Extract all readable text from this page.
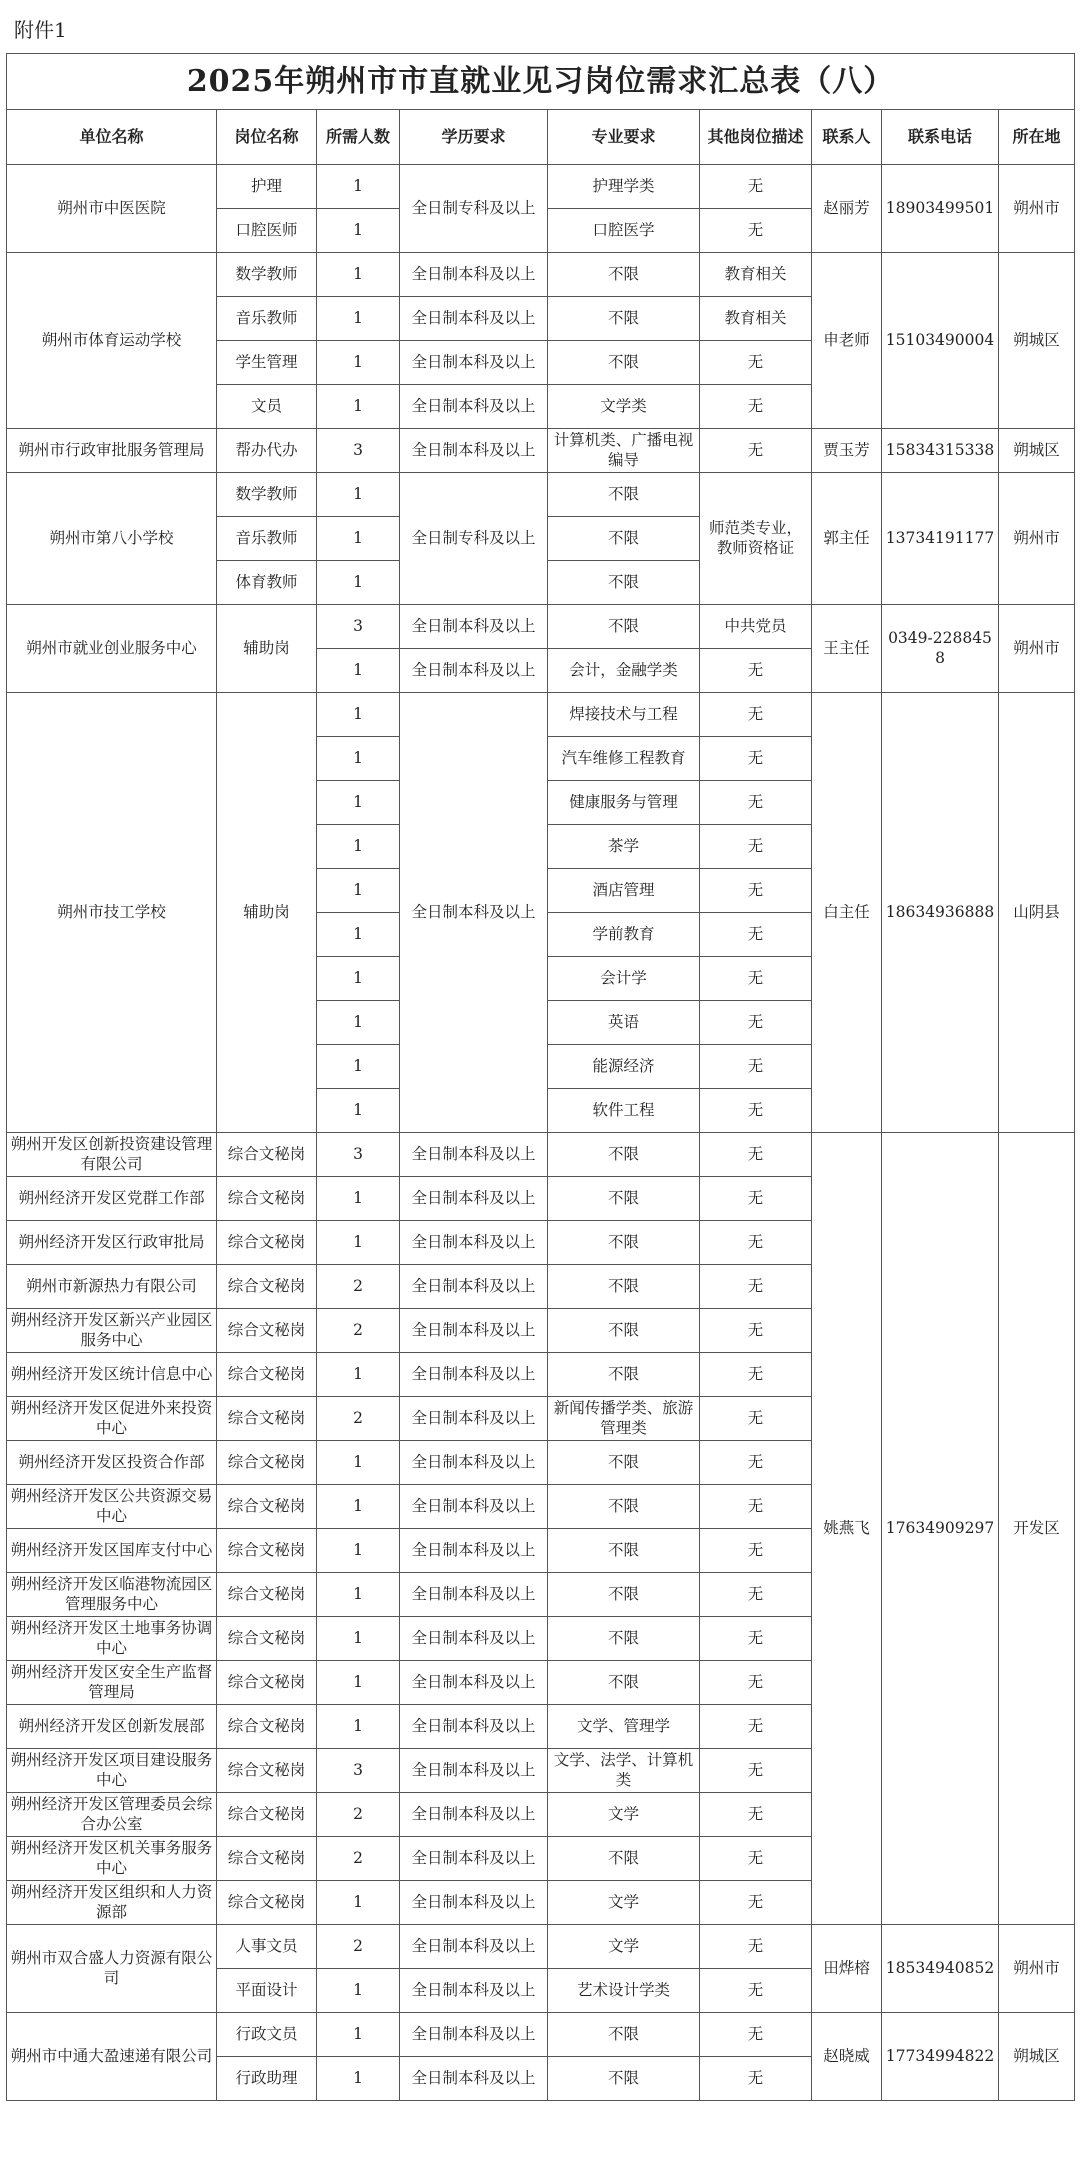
附件1
2025年朔州市市直就业见习岗位需求汇总表（八）								
单位名称	岗位名称	所需人数	学历要求	专业要求	其他岗位描述	联系人	联系电话	所在地
朔州市中医医院	护理	1	全日制专科及以上	护理学类	无	赵丽芳	18903499501	朔州市
	口腔医师	1		口腔医学	无			
朔州市体育运动学校	数学教师	1	全日制本科及以上	不限	教育相关	申老师	15103490004	朔城区
	音乐教师	1	全日制本科及以上	不限	教育相关			
	学生管理	1	全日制本科及以上	不限	无			
	文员	1	全日制本科及以上	文学类	无			
朔州市行政审批服务管理局	帮办代办	3	全日制本科及以上	计算机类、广播电视编导	无	贾玉芳	15834315338	朔城区
朔州市第八小学校	数学教师	1	全日制专科及以上	不限	师范类专业，教师资格证	郭主任	13734191177	朔州市
	音乐教师	1		不限				
	体育教师	1		不限				
朔州市就业创业服务中心	辅助岗	3	全日制本科及以上	不限	中共党员	王主任	0349-2288458	朔州市
		1	全日制本科及以上	会计，金融学类	无			
朔州市技工学校	辅助岗	1	全日制本科及以上	焊接技术与工程	无	白主任	18634936888	山阴县
		1		汽车维修工程教育	无			
		1		健康服务与管理	无			
		1		茶学	无			
		1		酒店管理	无			
		1		学前教育	无			
		1		会计学	无			
		1		英语	无			
		1		能源经济	无			
		1		软件工程	无			
朔州开发区创新投资建设管理有限公司	综合文秘岗	3	全日制本科及以上	不限	无	姚燕飞	17634909297	开发区
朔州经济开发区党群工作部	综合文秘岗	1	全日制本科及以上	不限	无			
朔州经济开发区行政审批局	综合文秘岗	1	全日制本科及以上	不限	无			
朔州市新源热力有限公司	综合文秘岗	2	全日制本科及以上	不限	无			
朔州经济开发区新兴产业园区服务中心	综合文秘岗	2	全日制本科及以上	不限	无			
朔州经济开发区统计信息中心	综合文秘岗	1	全日制本科及以上	不限	无			
朔州经济开发区促进外来投资中心	综合文秘岗	2	全日制本科及以上	新闻传播学类、旅游管理类	无			
朔州经济开发区投资合作部	综合文秘岗	1	全日制本科及以上	不限	无			
朔州经济开发区公共资源交易中心	综合文秘岗	1	全日制本科及以上	不限	无			
朔州经济开发区国库支付中心	综合文秘岗	1	全日制本科及以上	不限	无			
朔州经济开发区临港物流园区管理服务中心	综合文秘岗	1	全日制本科及以上	不限	无			
朔州经济开发区土地事务协调中心	综合文秘岗	1	全日制本科及以上	不限	无			
朔州经济开发区安全生产监督管理局	综合文秘岗	1	全日制本科及以上	不限	无			
朔州经济开发区创新发展部	综合文秘岗	1	全日制本科及以上	文学、管理学	无			
朔州经济开发区项目建设服务中心	综合文秘岗	3	全日制本科及以上	文学、法学、计算机类	无			
朔州经济开发区管理委员会综合办公室	综合文秘岗	2	全日制本科及以上	文学	无			
朔州经济开发区机关事务服务中心	综合文秘岗	2	全日制本科及以上	不限	无			
朔州经济开发区组织和人力资源部	综合文秘岗	1	全日制本科及以上	文学	无			
朔州市双合盛人力资源有限公司	人事文员	2	全日制本科及以上	文学	无	田烨榕	18534940852	朔州市
	平面设计	1	全日制本科及以上	艺术设计学类	无			
朔州市中通大盈速递有限公司	行政文员	1	全日制本科及以上	不限	无	赵晓威	17734994822	朔城区
	行政助理	1	全日制本科及以上	不限	无			
